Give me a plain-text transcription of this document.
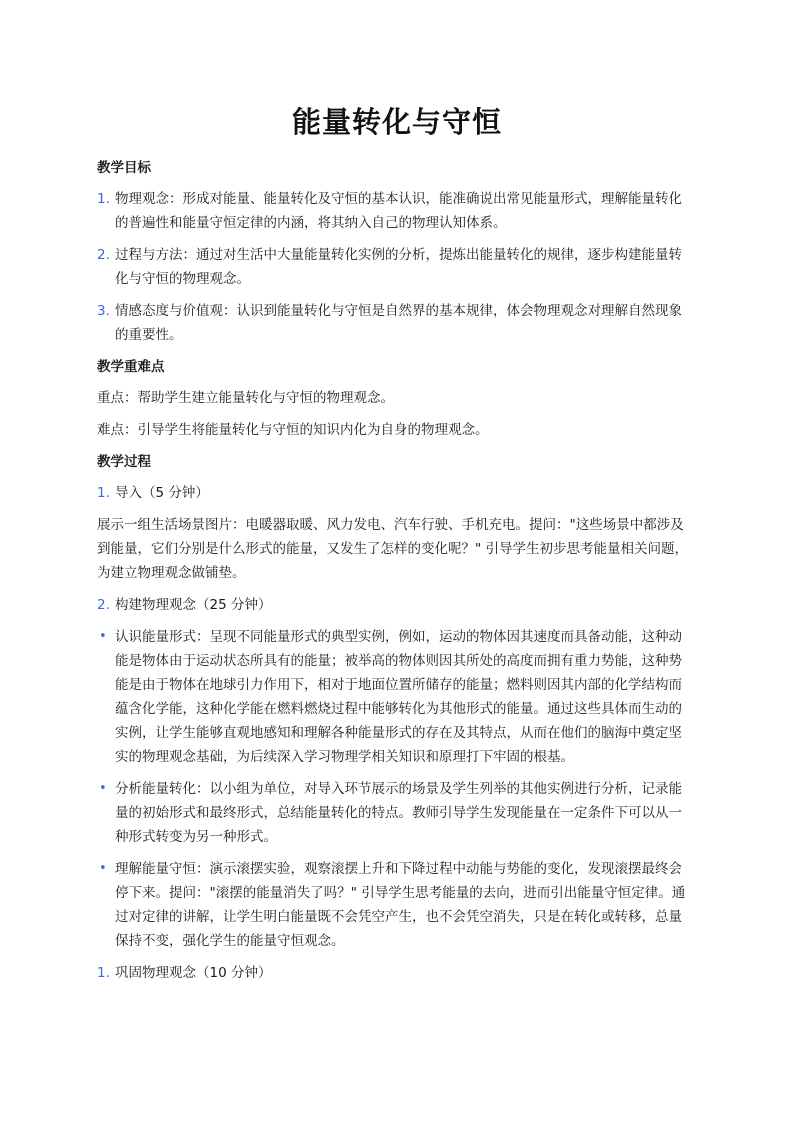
能量转化与守恒
教学目标
1. 物理观念：形成对能量、能量转化及守恒的基本认识，能准确说出常见能量形式，理解能量转化的普遍性和能量守恒定律的内涵，将其纳入自己的物理认知体系。
2. 过程与方法：通过对生活中大量能量转化实例的分析，提炼出能量转化的规律，逐步构建能量转化与守恒的物理观念。
3. 情感态度与价值观：认识到能量转化与守恒是自然界的基本规律，体会物理观念对理解自然现象的重要性。
教学重难点
重点：帮助学生建立能量转化与守恒的物理观念。
难点：引导学生将能量转化与守恒的知识内化为自身的物理观念。
教学过程
1. 导入（5 分钟）
展示一组生活场景图片：电暖器取暖、风力发电、汽车行驶、手机充电。提问："这些场景中都涉及到能量，它们分别是什么形式的能量，又发生了怎样的变化呢？" 引导学生初步思考能量相关问题，为建立物理观念做铺垫。
2. 构建物理观念（25 分钟）
• 认识能量形式：呈现不同能量形式的典型实例，例如，运动的物体因其速度而具备动能，这种动能是物体由于运动状态所具有的能量；被举高的物体则因其所处的高度而拥有重力势能，这种势能是由于物体在地球引力作用下，相对于地面位置所储存的能量；燃料则因其内部的化学结构而蕴含化学能，这种化学能在燃料燃烧过程中能够转化为其他形式的能量。通过这些具体而生动的实例，让学生能够直观地感知和理解各种能量形式的存在及其特点，从而在他们的脑海中奠定坚实的物理观念基础，为后续深入学习物理学相关知识和原理打下牢固的根基。
• 分析能量转化：以小组为单位，对导入环节展示的场景及学生列举的其他实例进行分析，记录能量的初始形式和最终形式，总结能量转化的特点。教师引导学生发现能量在一定条件下可以从一种形式转变为另一种形式。
• 理解能量守恒：演示滚摆实验，观察滚摆上升和下降过程中动能与势能的变化，发现滚摆最终会停下来。提问："滚摆的能量消失了吗？" 引导学生思考能量的去向，进而引出能量守恒定律。通过对定律的讲解，让学生明白能量既不会凭空产生，也不会凭空消失，只是在转化或转移，总量保持不变，强化学生的能量守恒观念。
1. 巩固物理观念（10 分钟）
